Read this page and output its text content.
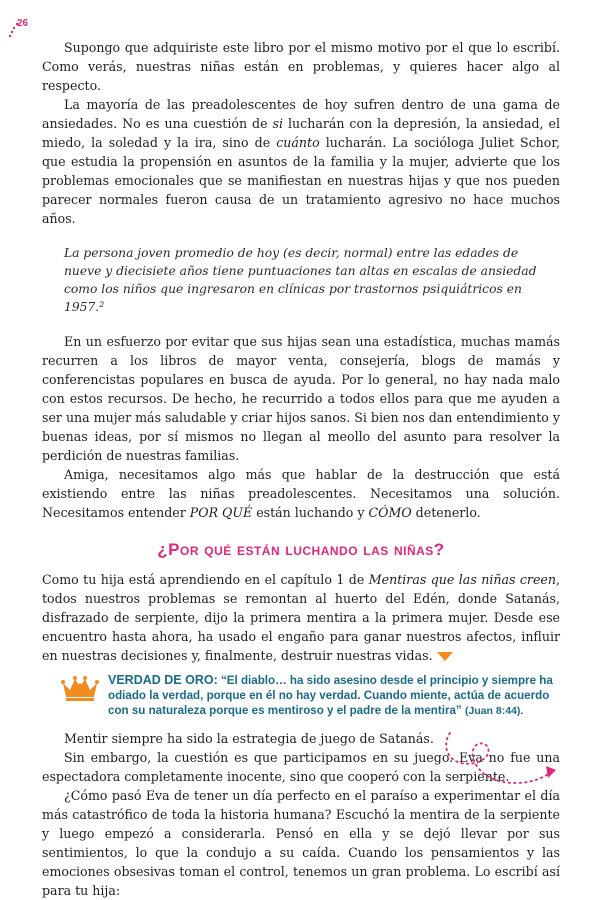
26

Supongo que adquiriste este libro por el mismo motivo por el que lo escribí. Como verás, nuestras niñas están en problemas, y quieres hacer algo al respecto.

La mayoría de las preadolescentes de hoy sufren dentro de una gama de ansiedades. No es una cuestión de si lucharán con la depresión, la ansiedad, el miedo, la soledad y la ira, sino de cuánto lucharán. La socióloga Juliet Schor, que estudia la propensión en asuntos de la familia y la mujer, advierte que los problemas emocionales que se manifiestan en nuestras hijas y que nos pueden parecer normales fueron causa de un tratamiento agresivo no hace muchos años.

La persona joven promedio de hoy (es decir, normal) entre las edades de nueve y diecisiete años tiene puntuaciones tan altas en escalas de ansiedad como los niños que ingresaron en clínicas por trastornos psiquiátricos en 1957.²

En un esfuerzo por evitar que sus hijas sean una estadística, muchas mamás recurren a los libros de mayor venta, consejería, blogs de mamás y conferencistas populares en busca de ayuda. Por lo general, no hay nada malo con estos recursos. De hecho, he recurrido a todos ellos para que me ayuden a ser una mujer más saludable y criar hijos sanos. Si bien nos dan entendimiento y buenas ideas, por sí mismos no llegan al meollo del asunto para resolver la perdición de nuestras familias.

Amiga, necesitamos algo más que hablar de la destrucción que está existiendo entre las niñas preadolescentes. Necesitamos una solución. Necesitamos entender POR QUÉ están luchando y CÓMO detenerlo.

¿Por qué están luchando las niñas?

Como tu hija está aprendiendo en el capítulo 1 de Mentiras que las niñas creen, todos nuestros problemas se remontan al huerto del Edén, donde Satanás, disfrazado de serpiente, dijo la primera mentira a la primera mujer. Desde ese encuentro hasta ahora, ha usado el engaño para ganar nuestros afectos, influir en nuestras decisiones y, finalmente, destruir nuestras vidas.

VERDAD DE ORO: “El diablo… ha sido asesino desde el principio y siempre ha odiado la verdad, porque en él no hay verdad. Cuando miente, actúa de acuerdo con su naturaleza porque es mentiroso y el padre de la mentira” (Juan 8:44).

Mentir siempre ha sido la estrategia de juego de Satanás.

Sin embargo, la cuestión es que participamos en su juego. Eva no fue una espectadora completamente inocente, sino que cooperó con la serpiente.

¿Cómo pasó Eva de tener un día perfecto en el paraíso a experimentar el día más catastrófico de toda la historia humana? Escuchó la mentira de la serpiente y luego empezó a considerarla. Pensó en ella y se dejó llevar por sus sentimientos, lo que la condujo a su caída. Cuando los pensamientos y las emociones obsesivas toman el control, tenemos un gran problema. Lo escribí así para tu hija:
